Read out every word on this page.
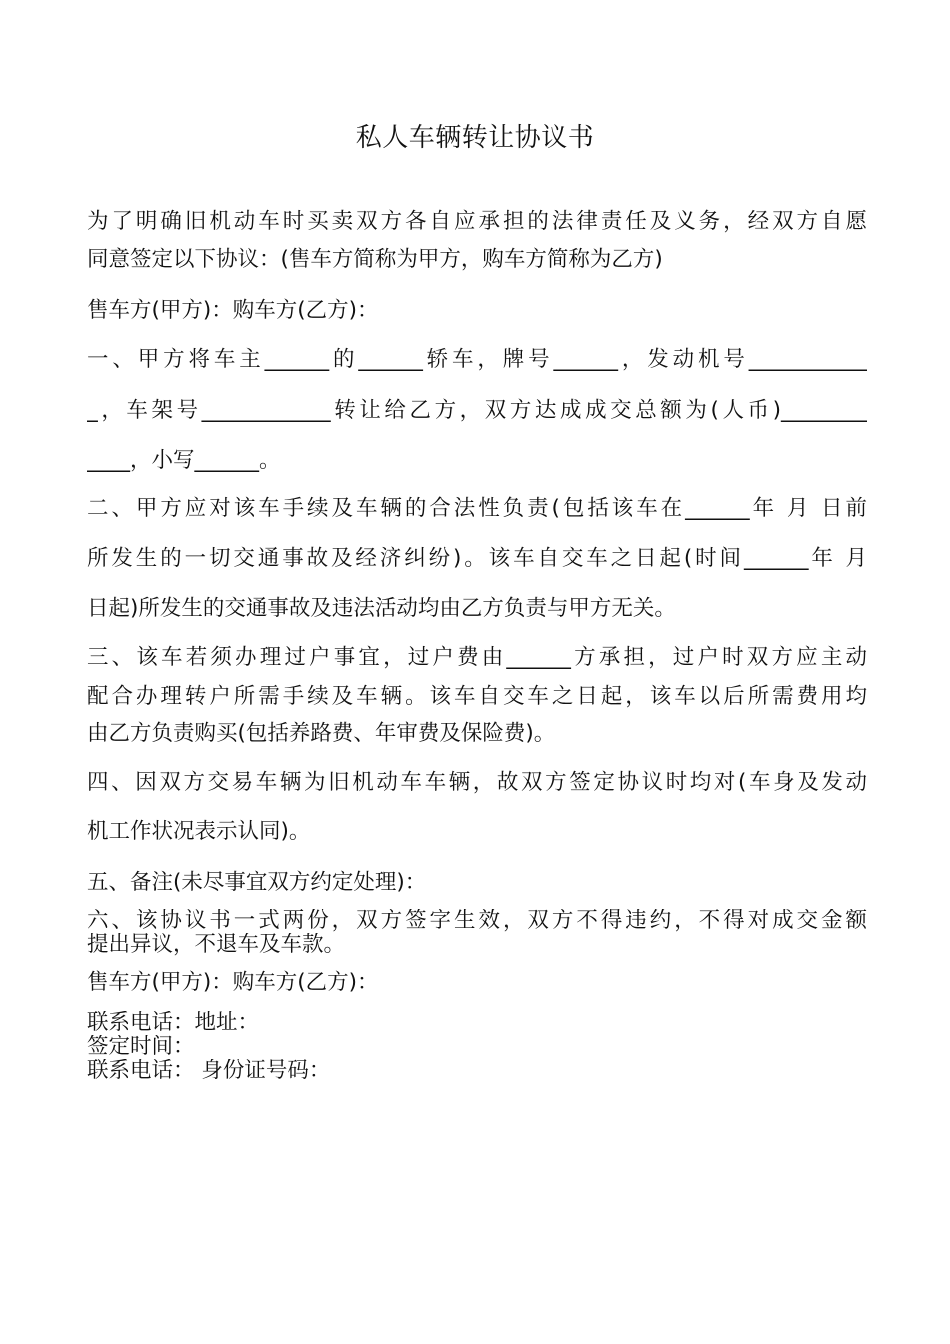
私人车辆转让协议书

为了明确旧机动车时买卖双方各自应承担的法律责任及义务，经双方自愿

同意签定以下协议：(售车方简称为甲方，购车方简称为乙方)

售车方(甲方)：购车方(乙方)：

一、甲方将车主______的______轿车，牌号______，发动机号___________

_，车架号____________转让给乙方，双方达成成交总额为(人币)________

____，小写______。

二、甲方应对该车手续及车辆的合法性负责(包括该车在______年 月 日前

所发生的一切交通事故及经济纠纷)。该车自交车之日起(时间______年 月

日起)所发生的交通事故及违法活动均由乙方负责与甲方无关。

三、该车若须办理过户事宜，过户费由______方承担，过户时双方应主动

配合办理转户所需手续及车辆。该车自交车之日起，该车以后所需费用均

由乙方负责购买(包括养路费、年审费及保险费)。

四、因双方交易车辆为旧机动车车辆，故双方签定协议时均对(车身及发动

机工作状况表示认同)。

五、备注(未尽事宜双方约定处理)：

六、该协议书一式两份，双方签字生效，双方不得违约，不得对成交金额

提出异议，不退车及车款。

售车方(甲方)：购车方(乙方)：

联系电话：地址：

签定时间：

联系电话： 身份证号码：
